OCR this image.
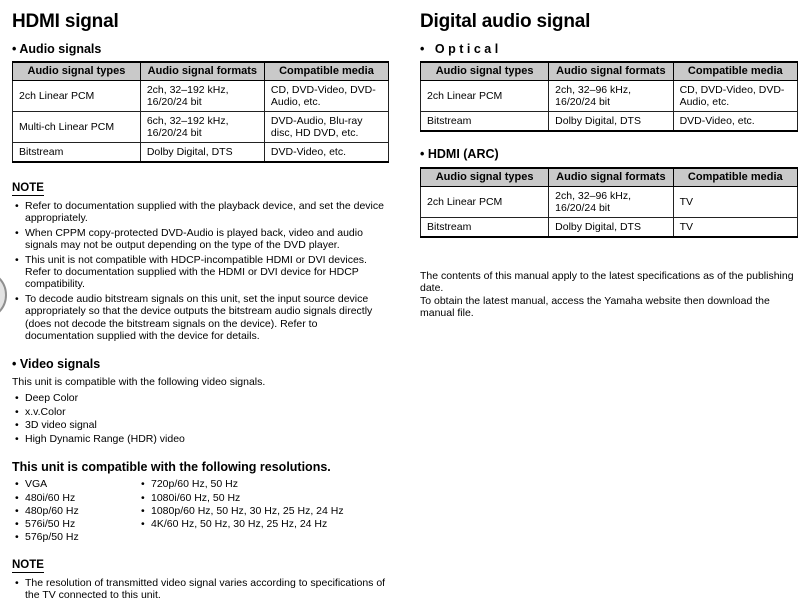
HDMI signal
• Audio signals
Audio signal types	Audio signal formats	Compatible media
2ch Linear PCM	2ch, 32–192 kHz, 16/20/24 bit	CD, DVD-Video, DVD-Audio, etc.
Multi-ch Linear PCM	6ch, 32–192 kHz, 16/20/24 bit	DVD-Audio, Blu-ray disc, HD DVD, etc.
Bitstream	Dolby Digital, DTS	DVD-Video, etc.
NOTE
• Refer to documentation supplied with the playback device, and set the device appropriately.
• When CPPM copy-protected DVD-Audio is played back, video and audio signals may not be output depending on the type of the DVD player.
• This unit is not compatible with HDCP-incompatible HDMI or DVI devices. Refer to documentation supplied with the HDMI or DVI device for HDCP compatibility.
• To decode audio bitstream signals on this unit, set the input source device appropriately so that the device outputs the bitstream audio signals directly (does not decode the bitstream signals on the device). Refer to documentation supplied with the device for details.
• Video signals

This unit is compatible with the following video signals.

• Deep Color
• x.v.Color
• 3D video signal
• High Dynamic Range (HDR) video
This unit is compatible with the following resolutions.
• VGA
• 480i/60 Hz
• 480p/60 Hz
• 576i/50 Hz
• 576p/50 Hz
• 720p/60 Hz, 50 Hz
• 1080i/60 Hz, 50 Hz
• 1080p/60 Hz, 50 Hz, 30 Hz, 25 Hz, 24 Hz
• 4K/60 Hz, 50 Hz, 30 Hz, 25 Hz, 24 Hz
NOTE
• The resolution of transmitted video signal varies according to specifications of the TV connected to this unit.
Digital audio signal
• Optical
Audio signal types	Audio signal formats	Compatible media
2ch Linear PCM	2ch, 32–96 kHz, 16/20/24 bit	CD, DVD-Video, DVD-Audio, etc.
Bitstream	Dolby Digital, DTS	DVD-Video, etc.
• HDMI (ARC)
Audio signal types	Audio signal formats	Compatible media
2ch Linear PCM	2ch, 32–96 kHz, 16/20/24 bit	TV
Bitstream	Dolby Digital, DTS	TV

The contents of this manual apply to the latest specifications as of the publishing date.

To obtain the latest manual, access the Yamaha website then download the manual file.
